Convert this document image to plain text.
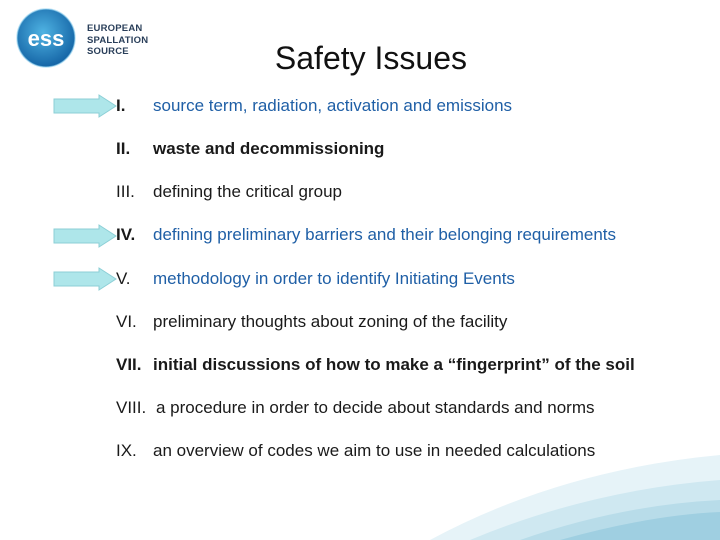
ess EUROPEAN
SPALLATION
SOURCE	Safety Issues
I. source term, radiation, activation and emissions
II. waste and decommissioning
III. defining the critical group
IV. defining preliminary barriers and their belonging requirements
V. methodology in order to identify Initiating Events
VI. preliminary thoughts about zoning of the facility
VII. initial discussions of how to make a “fingerprint” of the soil
VIII. a procedure in order to decide about standards and norms
IX. an overview of codes we aim to use in needed calculations
